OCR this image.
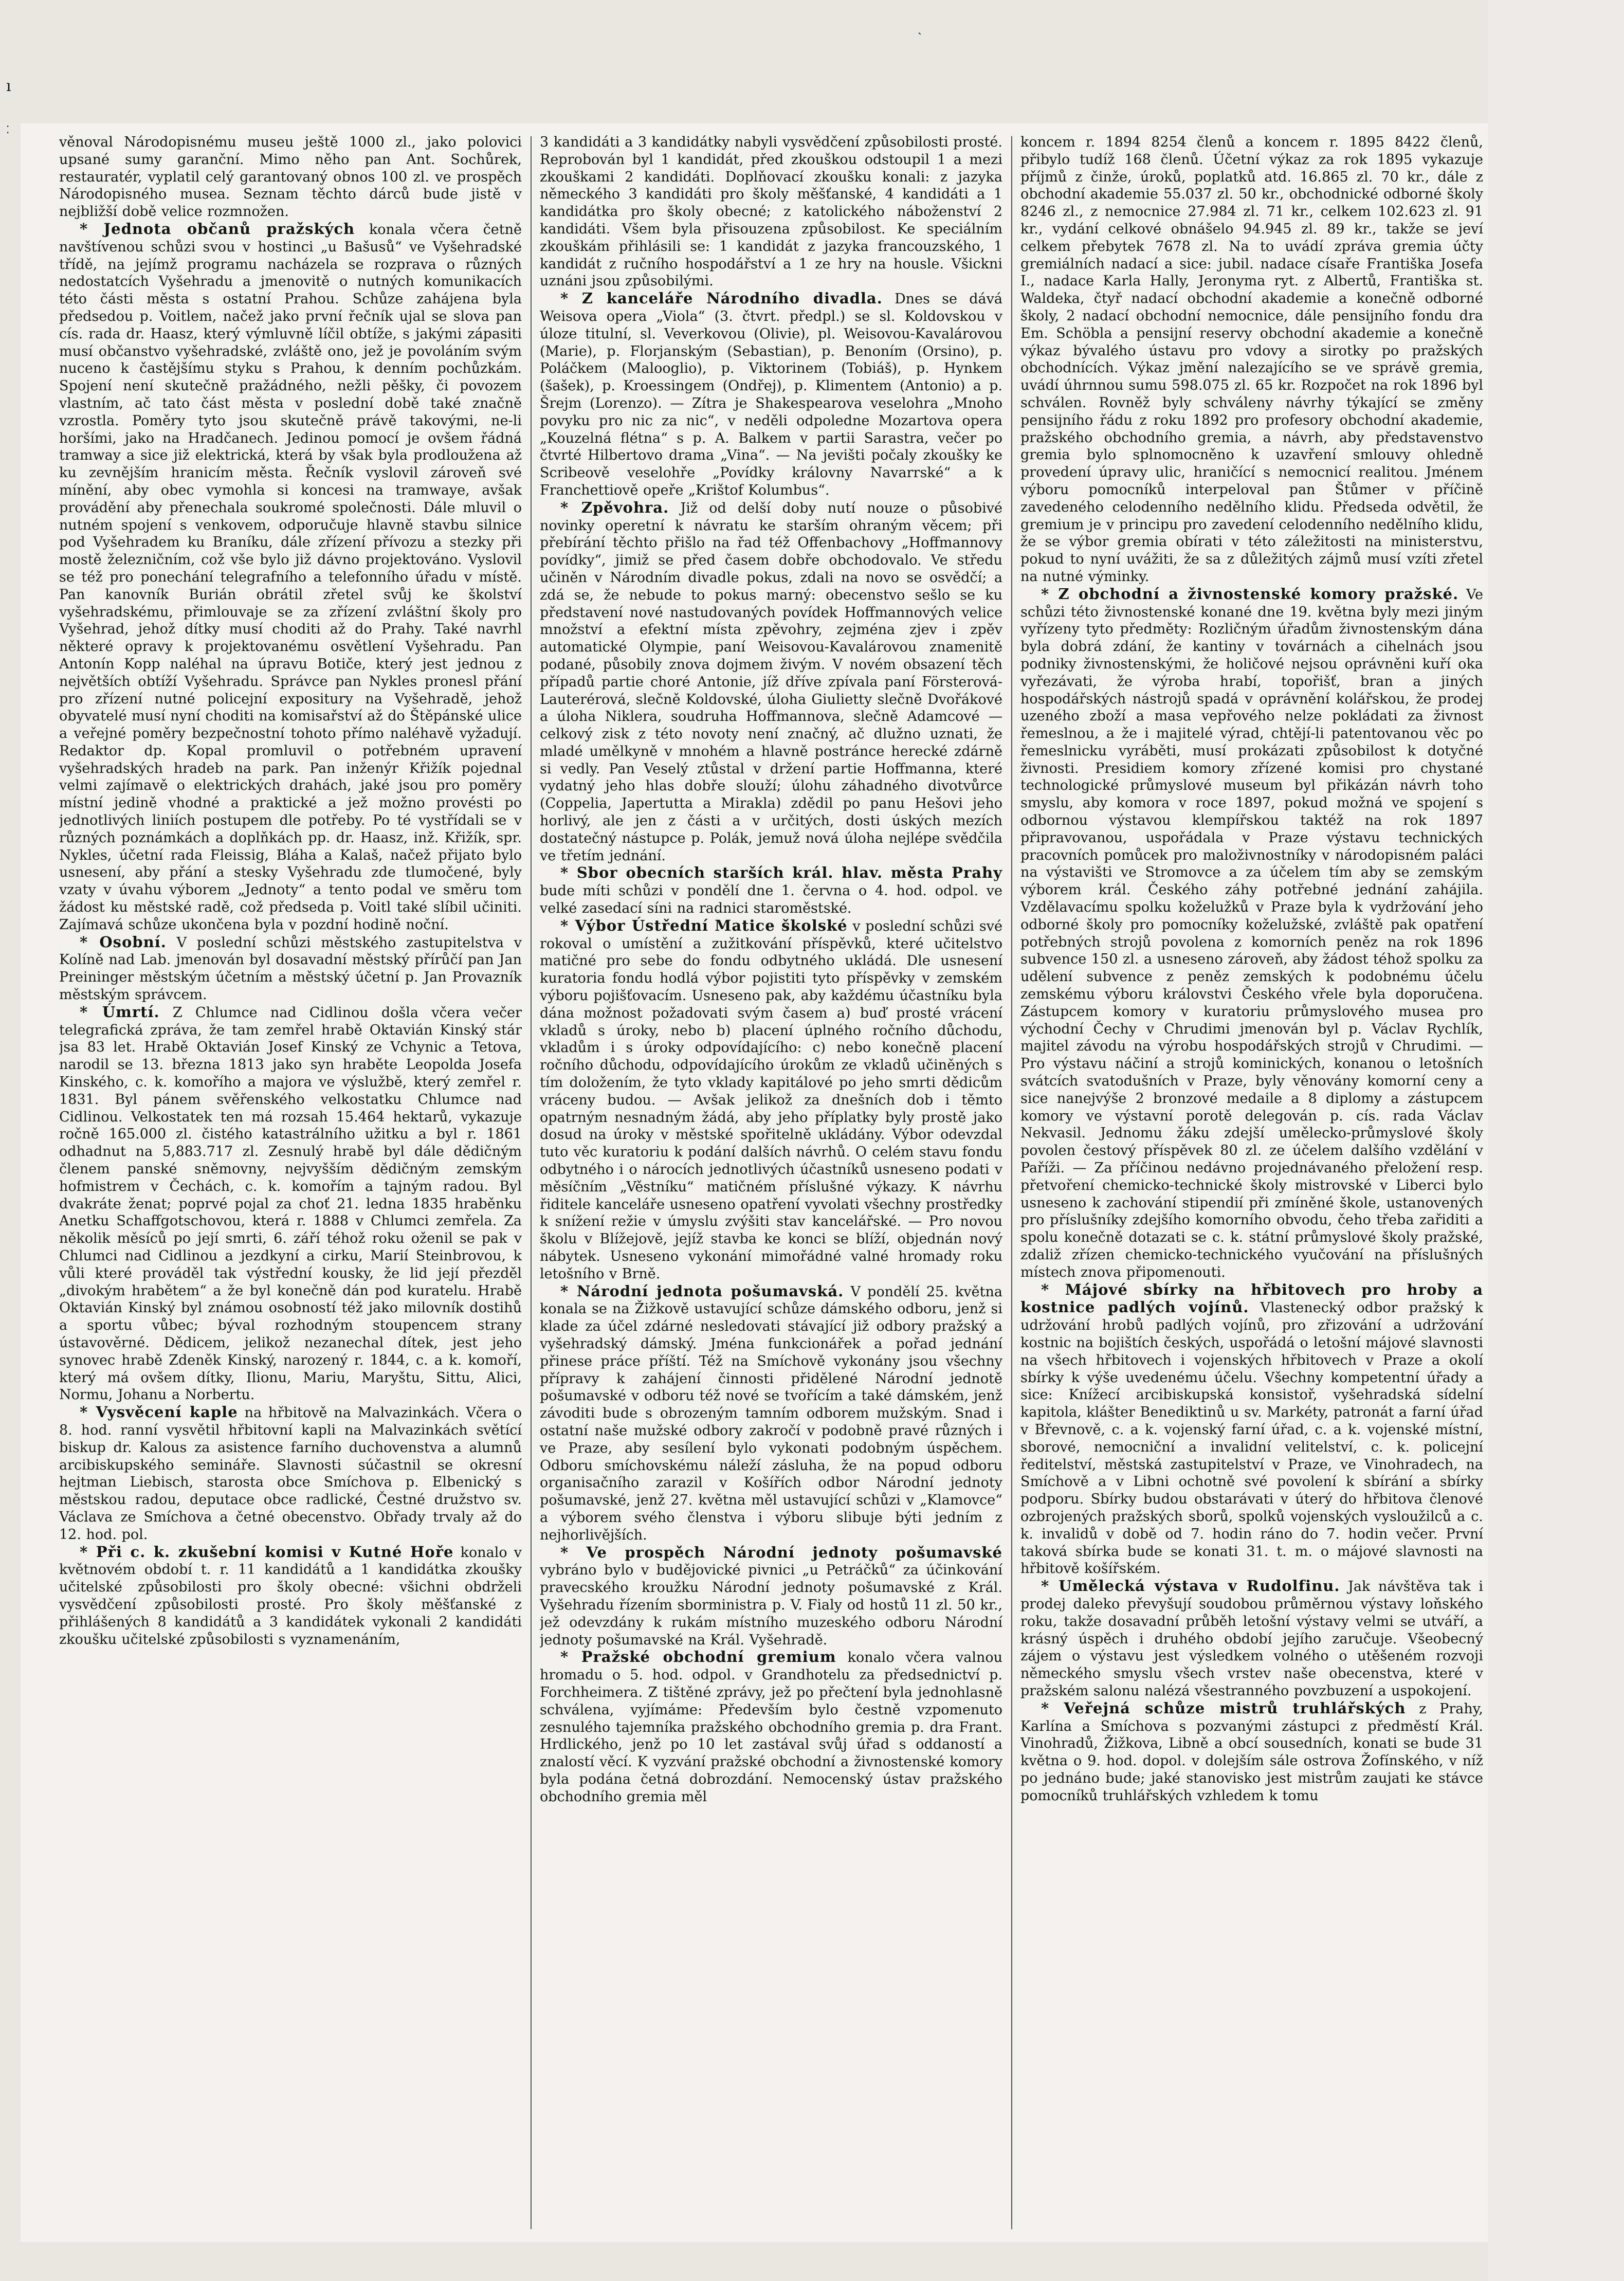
ı
⁚
ˏ

věnoval Národopisnému museu ještě 1000 zl., jako polovici upsané sumy garanční. Mimo něho pan Ant. Sochůrek, restauratér, vyplatil celý garantovaný obnos 100 zl. ve prospěch Národopisného musea. Seznam těchto dárců bude jistě v nejbližší době velice rozmnožen.

* Jednota občanů pražských konala včera četně navštívenou schůzi svou v hostinci „u Bašusů“ ve Vyšehradské třídě, na jejímž programu nacházela se rozprava o různých nedostatcích Vyšehradu a jmenovitě o nutných komunikacích této části města s ostatní Prahou. Schůze zahájena byla předsedou p. Voitlem, načež jako první řečník ujal se slova pan cís. rada dr. Haasz, který výmluvně líčil obtíže, s jakými zápasiti musí občanstvo vyšehradské, zvláště ono, jež je povoláním svým nuceno k častějšímu styku s Prahou, k denním pochůzkám. Spojení není skutečně pražádného, nežli pěšky, či povozem vlastním, ač tato část města v poslední době také značně vzrostla. Poměry tyto jsou skutečně právě takovými, ne-li horšími, jako na Hradčanech. Jedinou pomocí je ovšem řádná tramway a sice již elektrická, která by však byla prodloužena až ku zevnějším hranicím města. Řečník vyslovil zároveň své mínění, aby obec vymohla si koncesi na tramwaye, avšak provádění aby přenechala soukromé společnosti. Dále mluvil o nutném spojení s venkovem, odporučuje hlavně stavbu silnice pod Vyšehradem ku Braníku, dále zřízení přívozu a stezky při mostě železničním, což vše bylo již dávno projektováno. Vyslovil se též pro ponechání telegrafního a telefonního úřadu v místě. Pan kanovník Burián obrátil zřetel svůj ke školství vyšehradskému, přimlouvaje se za zřízení zvláštní školy pro Vyšehrad, jehož dítky musí choditi až do Prahy. Také navrhl některé opravy k projektovanému osvětlení Vyšehradu. Pan Antonín Kopp naléhal na úpravu Botiče, který jest jednou z největších obtíží Vyšehradu. Správce pan Nykles pronesl přání pro zřízení nutné policejní expositury na Vyšehradě, jehož obyvatelé musí nyní choditi na komisařství až do Štěpánské ulice a veřejné poměry bezpečnostní tohoto přímo naléhavě vyžadují. Redaktor dp. Kopal promluvil o potřebném upravení vyšehradských hradeb na park. Pan inženýr Křižík pojednal velmi zajímavě o elektrických drahách, jaké jsou pro poměry místní jedině vhodné a praktické a jež možno provésti po jednotlivých liniích postupem dle potřeby. Po té vystřídali se v různých poznámkách a doplňkách pp. dr. Haasz, inž. Křižík, spr. Nykles, účetní rada Fleissig, Bláha a Kalaš, načež přijato bylo usnesení, aby přání a stesky Vyšehradu zde tlumočené, byly vzaty v úvahu výborem „Jednoty“ a tento podal ve směru tom žádost ku městské radě, což předseda p. Voitl také slíbil učiniti. Zajímavá schůze ukončena byla v pozdní hodině noční.

* Osobní. V poslední schůzi městského zastupitelstva v Kolíně nad Lab. jmenován byl dosavadní městský přírůčí pan Jan Preininger městským účetním a městský účetní p. Jan Provazník městským správcem.

* Úmrtí. Z Chlumce nad Cidlinou došla včera večer telegrafická zpráva, že tam zemřel hrabě Oktavián Kinský stár jsa 83 let. Hrabě Oktavián Josef Kinský ze Vchynic a Tetova, narodil se 13. března 1813 jako syn hraběte Leopolda Josefa Kinského, c. k. komořího a majora ve výslužbě, který zemřel r. 1831. Byl pánem svěřenského velkostatku Chlumce nad Cidlinou. Velkostatek ten má rozsah 15.464 hektarů, vykazuje ročně 165.000 zl. čistého katastrálního užitku a byl r. 1861 odhadnut na 5,883.717 zl. Zesnulý hrabě byl dále dědičným členem panské sněmovny, nejvyšším dědičným zemským hofmistrem v Čechách, c. k. komořím a tajným radou. Byl dvakráte ženat; poprvé pojal za choť 21. ledna 1835 hraběnku Anetku Schaffgotschovou, která r. 1888 v Chlumci zemřela. Za několik měsíců po její smrti, 6. září téhož roku oženil se pak v Chlumci nad Cidlinou a jezdkyní a cirku, Marií Steinbrovou, k vůli které prováděl tak výstřední kousky, že lid její přezděl „divokým hrabětem“ a že byl konečně dán pod kuratelu. Hrabě Oktavián Kinský byl známou osobností též jako milovník dostihů a sportu vůbec; býval rozhodným stoupencem strany ústavověrné. Dědicem, jelikož nezanechal dítek, jest jeho synovec hrabě Zdeněk Kinský, narozený r. 1844, c. a k. komoří, který má ovšem dítky, Ilionu, Mariu, Maryštu, Sittu, Alici, Normu, Johanu a Norbertu.

* Vysvěcení kaple na hřbitově na Malvazinkách. Včera o 8. hod. ranní vysvětil hřbitovní kapli na Malvazinkách světící biskup dr. Kalous za asistence farního duchovenstva a alumnů arcibiskupského semináře. Slavnosti súčastnil se okresní hejtman Liebisch, starosta obce Smíchova p. Elbenický s městskou radou, deputace obce radlické, Čestné družstvo sv. Václava ze Smíchova a četné obecenstvo. Obřady trvaly až do 12. hod. pol.

* Při c. k. zkušební komisi v Kutné Hoře konalo v květnovém období t. r. 11 kandidátů a 1 kandidátka zkoušky učitelské způsobilosti pro školy obecné: všichni obdrželi vysvědčení způsobilosti prosté. Pro školy měšťanské z přihlášených 8 kandidátů a 3 kandidátek vykonali 2 kandidáti zkoušku učitelské způsobilosti s vyznamenáním,

3 kandidáti a 3 kandidátky nabyli vysvědčení způsobilosti prosté. Reprobován byl 1 kandidát, před zkouškou odstoupil 1 a mezi zkouškami 2 kandidáti. Doplňovací zkoušku konali: z jazyka německého 3 kandidáti pro školy měšťanské, 4 kandidáti a 1 kandidátka pro školy obecné; z katolického náboženství 2 kandidáti. Všem byla přisouzena způsobilost. Ke speciálním zkouškám přihlásili se: 1 kandidát z jazyka francouzského, 1 kandidát z ručního hospodářství a 1 ze hry na housle. Všickni uznáni jsou způsobilými.

* Z kanceláře Národního divadla. Dnes se dává Weisova opera „Viola“ (3. čtvrt. předpl.) se sl. Koldovskou v úloze titulní, sl. Veverkovou (Olivie), pl. Weisovou-Kavalárovou (Marie), p. Florjanským (Sebastian), p. Benoním (Orsino), p. Poláčkem (Malooglio), p. Viktorinem (Tobiáš), p. Hynkem (šašek), p. Kroessingem (Ondřej), p. Klimentem (Antonio) a p. Šrejm (Lorenzo). — Zítra je Shakespearova veselohra „Mnoho povyku pro nic za nic“, v neděli odpoledne Mozartova opera „Kouzelná flétna“ s p. A. Balkem v partii Sarastra, večer po čtvrté Hilbertovo drama „Vina“. — Na jevišti počaly zkoušky ke Scribeově veselohře „Povídky královny Navarrské“ a k Franchettiově opeře „Krištof Kolumbus“.

* Zpěvohra. Již od delší doby nutí nouze o působivé novinky operetní k návratu ke starším ohraným věcem; při přebírání těchto přišlo na řad též Offenbachovy „Hoffmannovy povídky“, jimiž se před časem dobře obchodovalo. Ve středu učiněn v Národním divadle pokus, zdali na novo se osvědčí; a zdá se, že nebude to pokus marný: obecenstvo sešlo se ku představení nové nastudovaných povídek Hoffmannových velice množství a efektní místa zpěvohry, zejména zjev i zpěv automatické Olympie, paní Weisovou-Kavalárovou znamenitě podané, působily znova dojmem živým. V novém obsazení těch případů partie choré Antonie, jíž dříve zpívala paní Försterová-Lauterérová, slečně Koldovské, úloha Giulietty slečně Dvořákové a úloha Niklera, soudruha Hoffmannova, slečně Adamcové — celkový zisk z této novoty není značný, ač dlužno uznati, že mladé umělkyně v mnohém a hlavně postránce herecké zdárně si vedly. Pan Veselý ztůstal v držení partie Hoffmanna, které vydatný jeho hlas dobře slouží; úlohu záhadného divotvůrce (Coppelia, Japertutta a Mirakla) zdědil po panu Hešovi jeho horlivý, ale jen z části a v určitých, dosti úských mezích dostatečný nástupce p. Polák, jemuž nová úloha nejlépe svědčila ve třetím jednání.

* Sbor obecních starších král. hlav. města Prahy bude míti schůzi v pondělí dne 1. června o 4. hod. odpol. ve velké zasedací síni na radnici staroměstské.

* Výbor Ústřední Matice školské v poslední schůzi své rokoval o umístění a zužitkování příspěvků, které učitelstvo matičné pro sebe do fondu odbytného ukládá. Dle usnesení kuratoria fondu hodlá výbor pojistiti tyto příspěvky v zemském výboru pojišťovacím. Usneseno pak, aby každému účastníku byla dána možnost požadovati svým časem a) buď prosté vrácení vkladů s úroky, nebo b) placení úplného ročního důchodu, vkladům i s úroky odpovídajícího: c) nebo konečně placení ročního důchodu, odpovídajícího úrokům ze vkladů učiněných s tím doložením, že tyto vklady kapitálové po jeho smrti dědicům vráceny budou. — Avšak jelikož za dnešních dob i těmto opatrným nesnadným žádá, aby jeho příplatky byly prostě jako dosud na úroky v městské spořitelně ukládány. Výbor odevzdal tuto věc kuratoriu k podání dalších návrhů. O celém stavu fondu odbytného i o nárocích jednotlivých účastníků usneseno podati v měsíčním „Věstníku“ matičném příslušné výkazy. K návrhu řiditele kanceláře usneseno opatření vyvolati všechny prostředky k snížení režie v úmyslu zvýšiti stav kancelářské. — Pro novou školu v Blížejově, jejíž stavba ke konci se blíží, objednán nový nábytek. Usneseno vykonání mimořádné valné hromady roku letošního v Brně.

* Národní jednota pošumavská. V pondělí 25. května konala se na Žižkově ustavující schůze dámského odboru, jenž si klade za účel zdárné nesledovati stávající již odbory pražský a vyšehradský dámský. Jména funkcionářek a pořad jednání přinese práce příští. Též na Smíchově vykonány jsou všechny přípravy k zahájení činnosti přidělené Národní jednotě pošumavské v odboru též nové se tvořícím a také dámském, jenž závoditi bude s obrozeným tamním odborem mužským. Snad i ostatní naše mužské odbory zakročí v podobně pravé různých i ve Praze, aby sesílení bylo vykonati podobným úspěchem. Odboru smíchovskému náleží zásluha, že na popud odboru organisačního zarazil v Košířích odbor Národní jednoty pošumavské, jenž 27. května měl ustavující schůzi v „Klamovce“ a výborem svého členstva i výboru slibuje býti jedním z nejhorlivějších.

* Ve prospěch Národní jednoty pošumavské vybráno bylo v budějovické pivnici „u Petráčků“ za účinkování pravecského kroužku Národní jednoty pošumavské z Král. Vyšehradu řízením sborministra p. V. Fialy od hostů 11 zl. 50 kr., jež odevzdány k rukám místního muzeského odboru Národní jednoty pošumavské na Král. Vyšehradě.

* Pražské obchodní gremium konalo včera valnou hromadu o 5. hod. odpol. v Grandhotelu za předsednictví p. Forchheimera. Z tištěné zprávy, jež po přečtení byla jednohlasně schválena, vyjímáme: Především bylo čestně vzpomenuto zesnulého tajemníka pražského obchodního gremia p. dra Frant. Hrdlického, jenž po 10 let zastával svůj úřad s oddaností a znalostí věcí. K vyzvání pražské obchodní a živnostenské komory byla podána četná dobrozdání. Nemocenský ústav pražského obchodního gremia měl

koncem r. 1894 8254 členů a koncem r. 1895 8422 členů, přibylo tudíž 168 členů. Účetní výkaz za rok 1895 vykazuje příjmů z činže, úroků, poplatků atd. 16.865 zl. 70 kr., dále z obchodní akademie 55.037 zl. 50 kr., obchodnické odborné školy 8246 zl., z nemocnice 27.984 zl. 71 kr., celkem 102.623 zl. 91 kr., vydání celkové obnášelo 94.945 zl. 89 kr., takže se jeví celkem přebytek 7678 zl. Na to uvádí zpráva gremia účty gremiálních nadací a sice: jubil. nadace císaře Františka Josefa I., nadace Karla Hally, Jeronyma ryt. z Albertů, Františka st. Waldeka, čtyř nadací obchodní akademie a konečně odborné školy, 2 nadací obchodní nemocnice, dále pensijního fondu dra Em. Schöbla a pensijní reservy obchodní akademie a konečně výkaz bývalého ústavu pro vdovy a sirotky po pražských obchodnících. Výkaz jmění nalezajícího se ve správě gremia, uvádí úhrnnou sumu 598.075 zl. 65 kr. Rozpočet na rok 1896 byl schválen. Rovněž byly schváleny návrhy týkající se změny pensijního řádu z roku 1892 pro profesory obchodní akademie, pražského obchodního gremia, a návrh, aby představenstvo gremia bylo splnomocněno k uzavření smlouvy ohledně provedení úpravy ulic, hraničící s nemocnicí realitou. Jménem výboru pomocníků interpeloval pan Štůmer v příčině zavedeného celodenního nedělního klidu. Předseda odvětil, že gremium je v principu pro zavedení celodenního nedělního klidu, že se výbor gremia obírati v této záležitosti na ministerstvu, pokud to nyní uvážiti, že sa z důležitých zájmů musí vzíti zřetel na nutné výminky.

* Z obchodní a živnostenské komory pražské. Ve schůzi této živnostenské konané dne 19. května byly mezi jiným vyřízeny tyto předměty: Rozličným úřadům živnostenským dána byla dobrá zdání, že kantiny v továrnách a cihelnách jsou podniky živnostenskými, že holičové nejsou oprávněni kuří oka vyřezávati, že výroba hrabí, topořišť, bran a jiných hospodářských nástrojů spadá v oprávnění kolářskou, že prodej uzeného zboží a masa vepřového nelze pokládati za živnost řemeslnou, a že i majitelé výrad, chtějí-li patentovanou věc po řemeslnicku vyráběti, musí prokázati způsobilost k dotyčné živnosti. Presidiem komory zřízené komisi pro chystané technologické průmyslové museum byl přikázán návrh toho smyslu, aby komora v roce 1897, pokud možná ve spojení s odbornou výstavou klempířskou taktéž na rok 1897 připravovanou, uspořádala v Praze výstavu technických pracovních pomůcek pro maloživnostníky v národopisném paláci na výstavišti ve Stromovce a za účelem tím aby se zemským výborem král. Českého záhy potřebné jednání zahájila. Vzdělavacímu spolku koželužků v Praze byla k vydržování jeho odborné školy pro pomocníky koželužské, zvláště pak opatření potřebných strojů povolena z komorních peněz na rok 1896 subvence 150 zl. a usneseno zároveň, aby žádost téhož spolku za udělení subvence z peněz zemských k podobnému účelu zemskému výboru královstvi Českého vřele byla doporučena. Zástupcem komory v kuratoriu průmyslového musea pro východní Čechy v Chrudimi jmenován byl p. Václav Rychlík, majitel závodu na výrobu hospodářských strojů v Chrudimi. — Pro výstavu náčiní a strojů kominických, konanou o letošních svátcích svatodušních v Praze, byly věnovány komorní ceny a sice nanejvýše 2 bronzové medaile a 8 diplomy a zástupcem komory ve výstavní porotě delegován p. cís. rada Václav Nekvasil. Jednomu žáku zdejší umělecko-průmyslové školy povolen čestový příspěvek 80 zl. ze účelem dalšího vzdělání v Paříži. — Za příčinou nedávno projednávaného přeložení resp. přetvoření chemicko-technické školy mistrovské v Liberci bylo usneseno k zachování stipendií při zmíněné škole, ustanovených pro příslušníky zdejšího komorního obvodu, čeho třeba zařiditi a spolu konečně dotazati se c. k. státní průmyslové školy pražské, zdaliž zřízen chemicko-technického vyučování na příslušných místech znova připomenouti.

* Májové sbírky na hřbitovech pro hroby a kostnice padlých vojínů. Vlastenecký odbor pražský k udržování hrobů padlých vojínů, pro zřizování a udržování kostnic na bojištích českých, uspořádá o letošní májové slavnosti na všech hřbitovech i vojenských hřbitovech v Praze a okolí sbírky k výše uvedenému účelu. Všechny kompetentní úřady a sice: Knížecí arcibiskupská konsistoř, vyšehradská sídelní kapitola, klášter Benediktinů u sv. Markéty, patronát a farní úřad v Břevnově, c. a k. vojenský farní úřad, c. a k. vojenské místní, sborové, nemocniční a invalidní velitelství, c. k. policejní ředitelství, městská zastupitelství v Praze, ve Vinohradech, na Smíchově a v Libni ochotně své povolení k sbírání a sbírky podporu. Sbírky budou obstarávati v úterý do hřbitova členové ozbrojených pražských sborů, spolků vojenských vysloužilců a c. k. invalidů v době od 7. hodin ráno do 7. hodin večer. První taková sbírka bude se konati 31. t. m. o májové slavnosti na hřbitově košířském.

* Umělecká výstava v Rudolfinu. Jak návštěva tak i prodej daleko převyšují soudobou průměrnou výstavy loňského roku, takže dosavadní průběh letošní výstavy velmi se utváří, a krásný úspěch i druhého období jejího zaručuje. Všeobecný zájem o výstavu jest výsledkem volného o utěšeném rozvoji německého smyslu všech vrstev naše obecenstva, které v pražském salonu nalézá všestranného povzbuzení a uspokojení.

* Veřejná schůze mistrů truhlářských z Prahy, Karlína a Smíchova s pozvanými zástupci z předměstí Král. Vinohradů, Žižkova, Libně a obcí sousedních, konati se bude 31 května o 9. hod. dopol. v dolejším sále ostrova Žofínského, v níž po jednáno bude; jaké stanovisko jest mistrům zaujati ke stávce pomocníků truhlářských vzhledem k tomu
